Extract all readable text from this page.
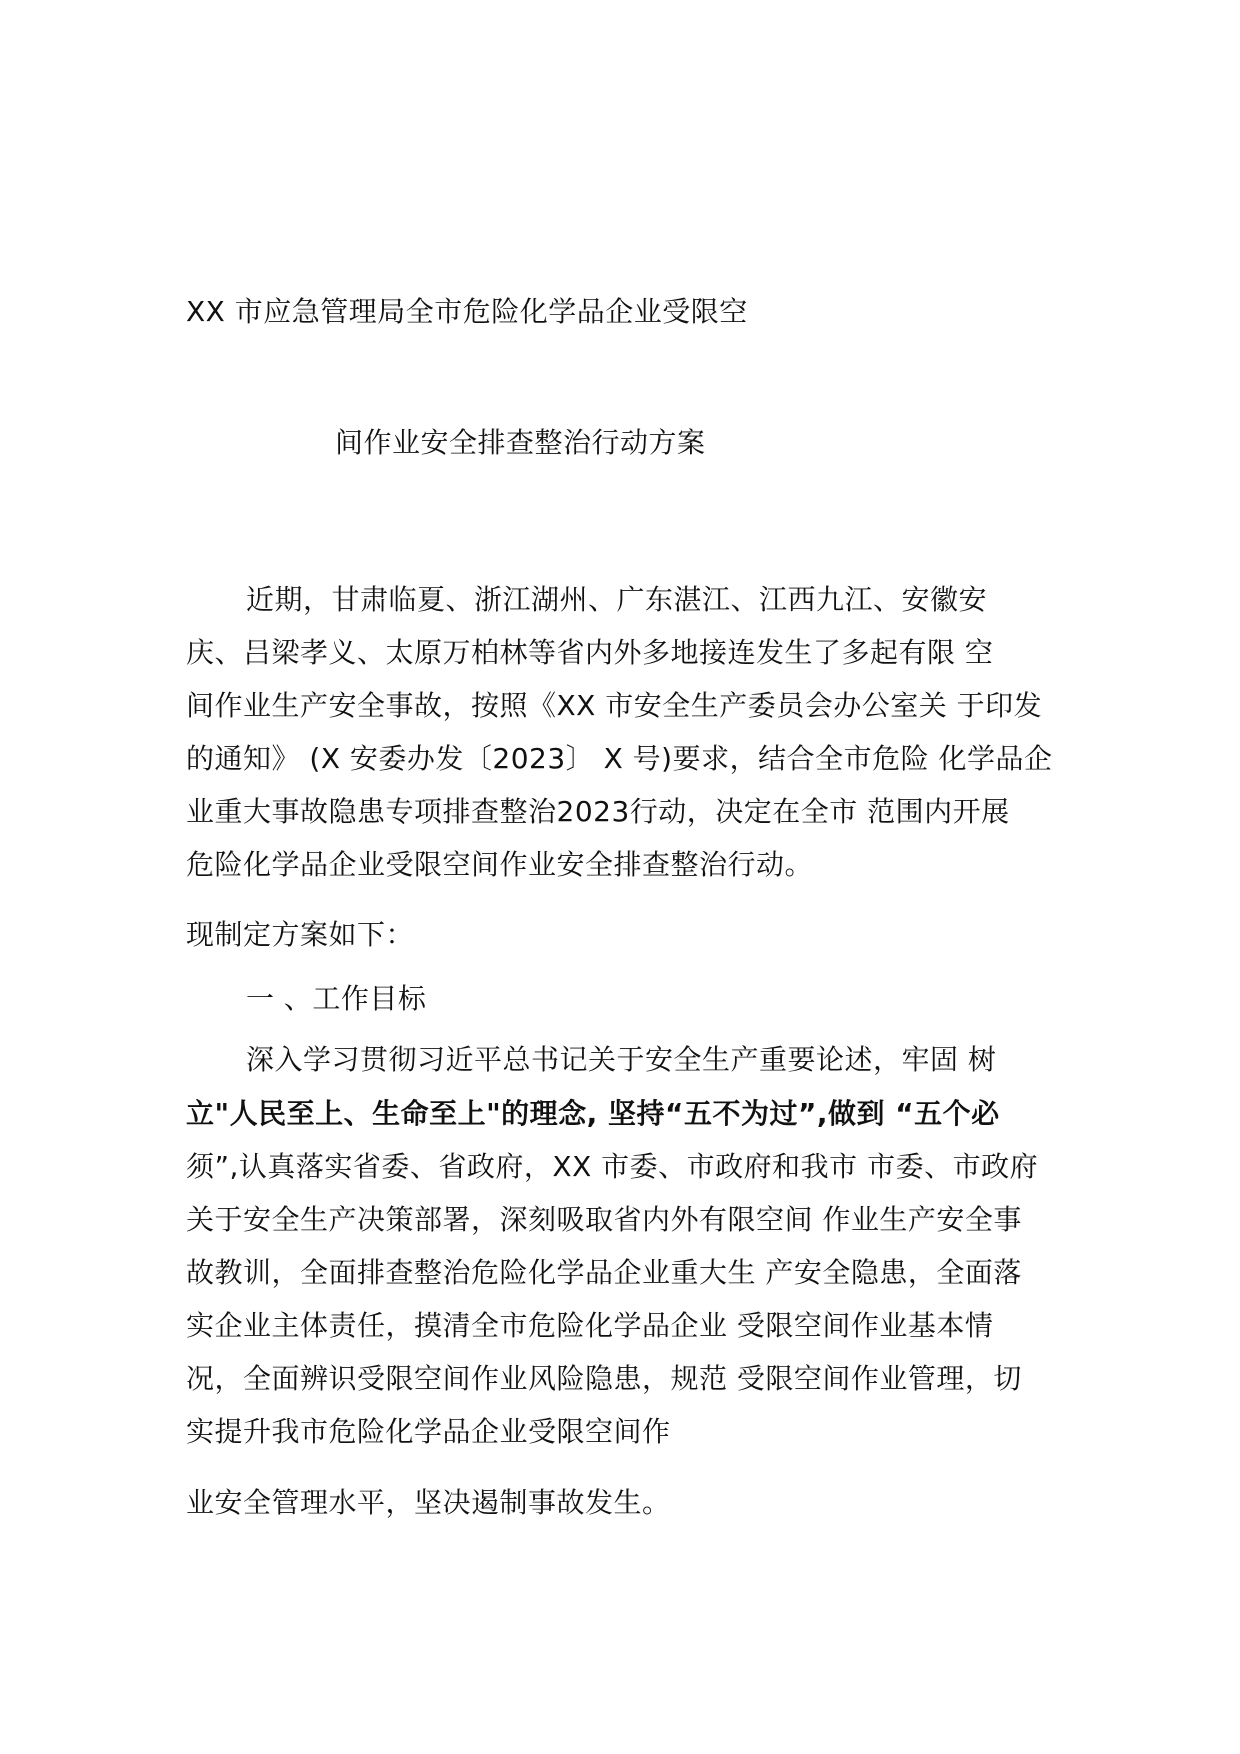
XX 市应急管理局全市危险化学品企业受限空
间作业安全排查整治行动方案
近期，甘肃临夏、浙江湖州、广东湛江、江西九江、安徽安
庆、吕梁孝义、太原万柏林等省内外多地接连发生了多起有限 空
间作业生产安全事故，按照《XX 市安全生产委员会办公室关 于印发
的通知》 (X 安委办发〔2023〕 X 号)要求，结合全市危险 化学品企
业重大事故隐患专项排查整治2023行动，决定在全市 范围内开展
危险化学品企业受限空间作业安全排查整治行动。
现制定方案如下：
一 、工作目标
深入学习贯彻习近平总书记关于安全生产重要论述，牢固 树
立"人民至上、生命至上"的理念, 坚持“五不为过”,做到 “五个必
须”,认真落实省委、省政府，XX 市委、市政府和我市 市委、市政府
关于安全生产决策部署，深刻吸取省内外有限空间 作业生产安全事
故教训，全面排查整治危险化学品企业重大生 产安全隐患，全面落
实企业主体责任，摸清全市危险化学品企业 受限空间作业基本情
况，全面辨识受限空间作业风险隐患，规范 受限空间作业管理，切
实提升我市危险化学品企业受限空间作
业安全管理水平，坚决遏制事故发生。
